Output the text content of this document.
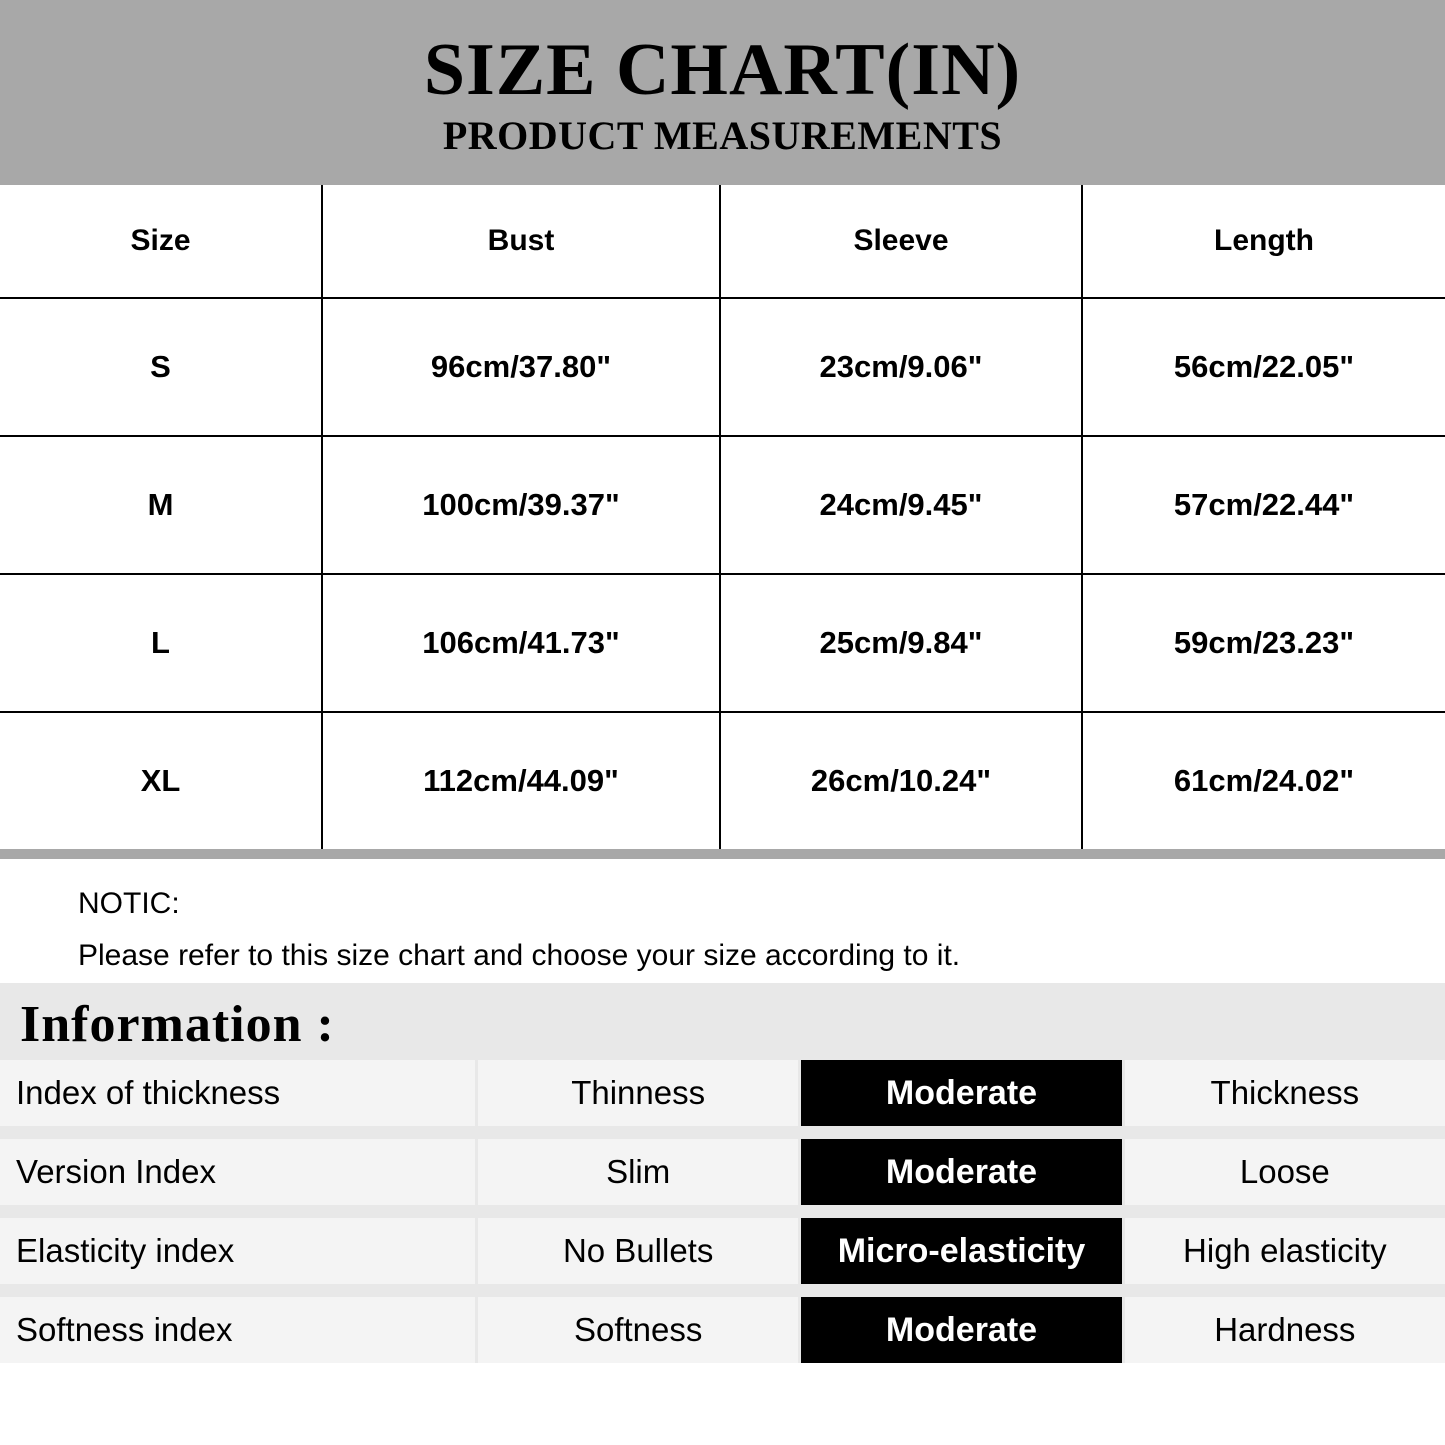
SIZE CHART(IN)
PRODUCT MEASUREMENTS
Size	Bust	Sleeve	Length
S	96cm/37.80"	23cm/9.06"	56cm/22.05"
M	100cm/39.37"	24cm/9.45"	57cm/22.44"
L	106cm/41.73"	25cm/9.84"	59cm/23.23"
XL	112cm/44.09"	26cm/10.24"	61cm/24.02"
NOTIC:
Please refer to this size chart and choose your size according to it.
Information :
Index of thickness	Thinness	Moderate	Thickness
Version Index	Slim	Moderate	Loose
Elasticity index	No Bullets	Micro-elasticity	High elasticity
Softness index	Softness	Moderate	Hardness
